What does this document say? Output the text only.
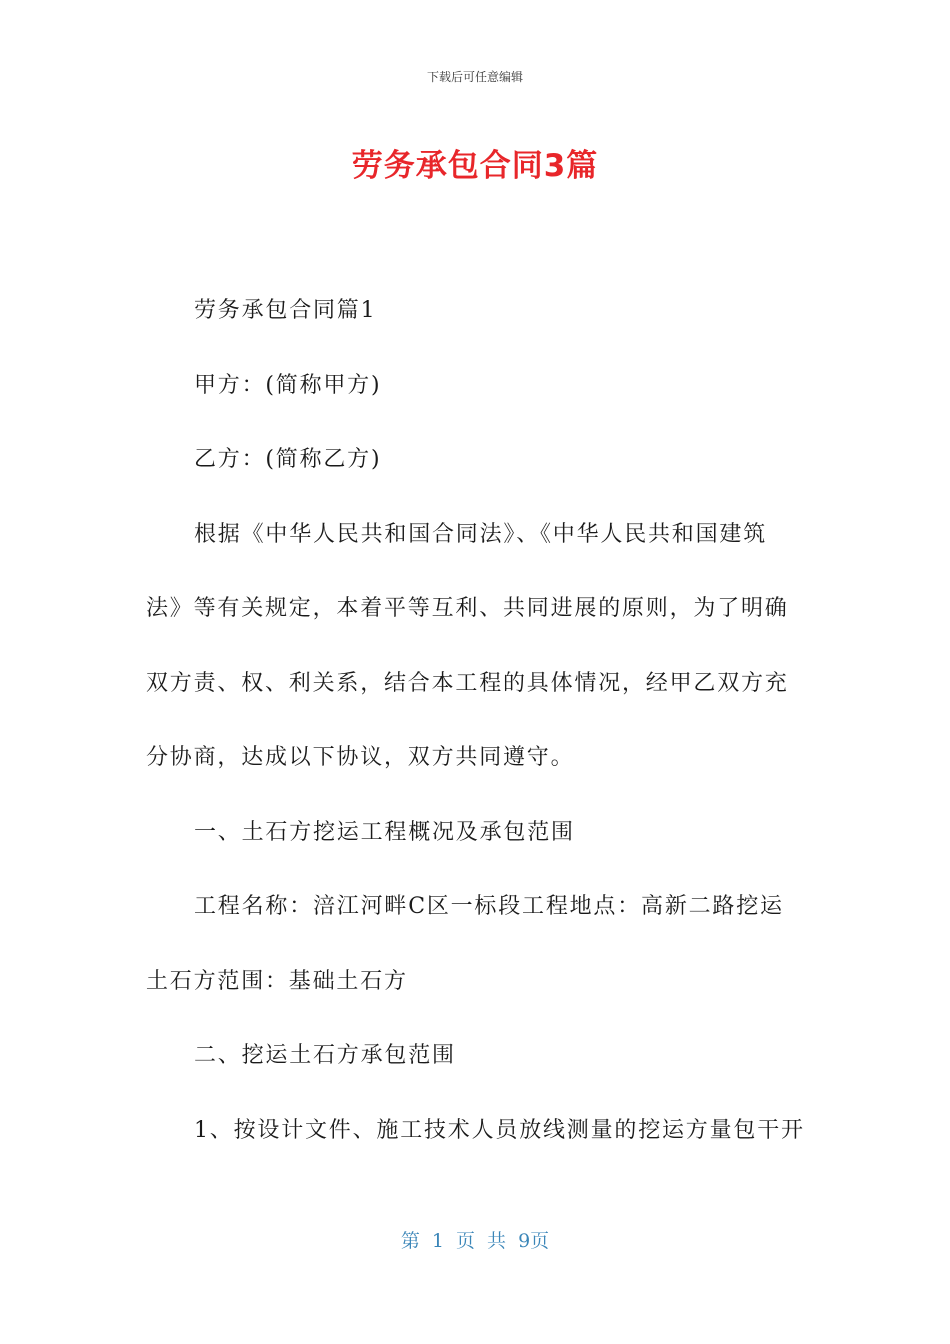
下载后可任意编辑
劳务承包合同3篇

劳务承包合同篇1

甲方：(简称甲方)

乙方：(简称乙方)

根据《中华人民共和国合同法》、《中华人民共和国建筑

法》等有关规定，本着平等互利、共同进展的原则，为了明确

双方责、权、利关系，结合本工程的具体情况，经甲乙双方充

分协商，达成以下协议，双方共同遵守。

一、土石方挖运工程概况及承包范围

工程名称：涪江河畔C区一标段工程地点：高新二路挖运

土石方范围：基础土石方

二、挖运土石方承包范围

1、按设计文件、施工技术人员放线测量的挖运方量包干开

第 1 页 共 9页
